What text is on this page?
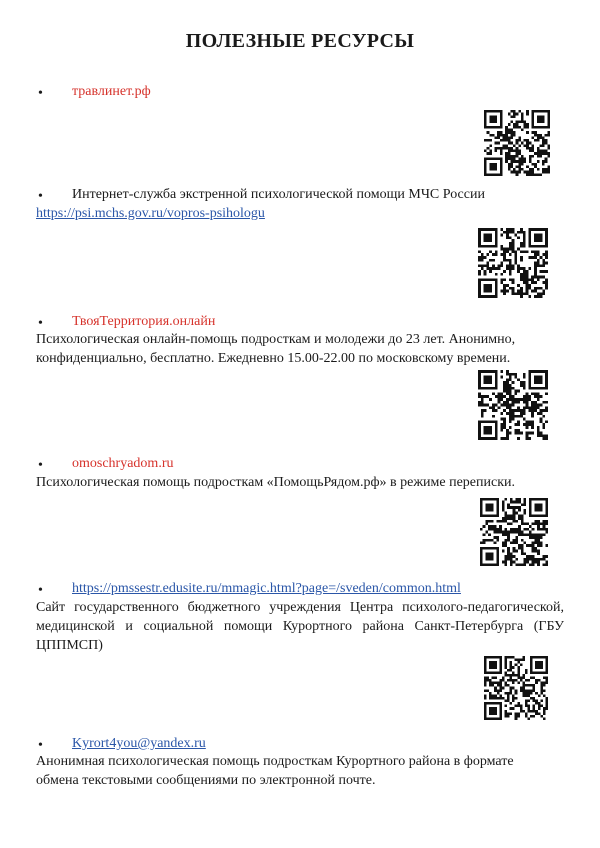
ПОЛЕЗНЫЕ РЕСУРСЫ
• травлинет.рф
• Интернет-служба экстренной психологической помощи МЧС России
https://psi.mchs.gov.ru/vopros-psihologu
• ТвояТерритория.онлайн
Психологическая онлайн-помощь подросткам и молодежи до 23 лет. Анонимно,
конфиденциально, бесплатно. Ежедневно 15.00-22.00 по московскому времени.
• omoschryadom.ru
Психологическая помощь подросткам «ПомощьРядом.рф» в режиме переписки.
• https://pmssestr.edusite.ru/mmagic.html?page=/sveden/common.html
Сайт государственного бюджетного учреждения Центра психолого-педагогической, медицинской и социальной помощи Курортного района Санкт-Петербурга (ГБУ ЦППМСП)
• Kyrort4you@yandex.ru
Анонимная психологическая помощь подросткам Курортного района в формате
обмена текстовыми сообщениями по электронной почте.
